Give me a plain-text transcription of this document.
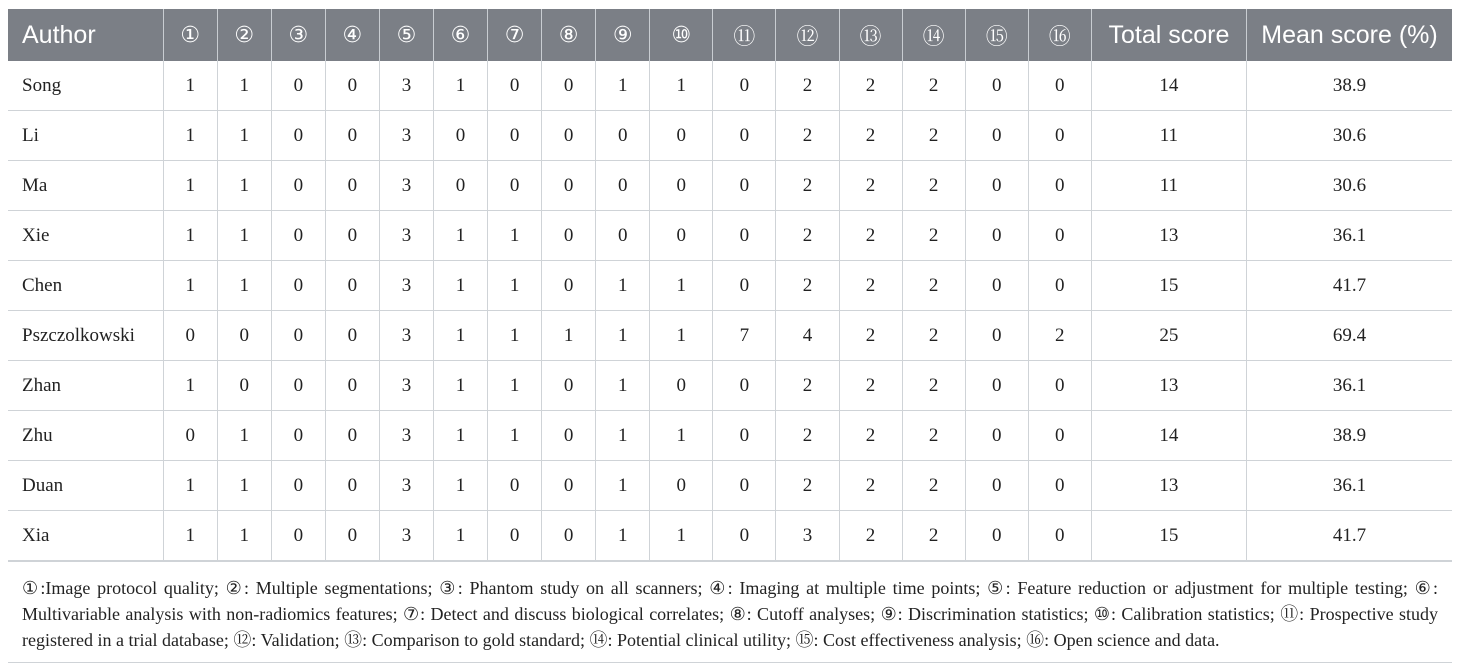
Author	①	②	③	④	⑤	⑥	⑦	⑧	⑨	⑩	⑪	⑫	⑬	⑭	⑮	⑯	Total score	Mean score (%)
Song	1	1	0	0	3	1	0	0	1	1	0	2	2	2	0	0	14	38.9
Li	1	1	0	0	3	0	0	0	0	0	0	2	2	2	0	0	11	30.6
Ma	1	1	0	0	3	0	0	0	0	0	0	2	2	2	0	0	11	30.6
Xie	1	1	0	0	3	1	1	0	0	0	0	2	2	2	0	0	13	36.1
Chen	1	1	0	0	3	1	1	0	1	1	0	2	2	2	0	0	15	41.7
Pszczolkowski	0	0	0	0	3	1	1	1	1	1	7	4	2	2	0	2	25	69.4
Zhan	1	0	0	0	3	1	1	0	1	0	0	2	2	2	0	0	13	36.1
Zhu	0	1	0	0	3	1	1	0	1	1	0	2	2	2	0	0	14	38.9
Duan	1	1	0	0	3	1	0	0	1	0	0	2	2	2	0	0	13	36.1
Xia	1	1	0	0	3	1	0	0	1	1	0	3	2	2	0	0	15	41.7
①:Image protocol quality; ②: Multiple segmentations; ③: Phantom study on all scanners; ④: Imaging at multiple time points; ⑤: Feature reduction or adjustment for multiple testing; ⑥: Multivariable analysis with non-radiomics features; ⑦: Detect and discuss biological correlates; ⑧: Cutoff analyses; ⑨: Discrimination statistics; ⑩: Calibration statistics; ⑪: Prospective study registered in a trial database; ⑫: Validation; ⑬: Comparison to gold standard; ⑭: Potential clinical utility; ⑮: Cost effectiveness analysis; ⑯: Open science and data.
